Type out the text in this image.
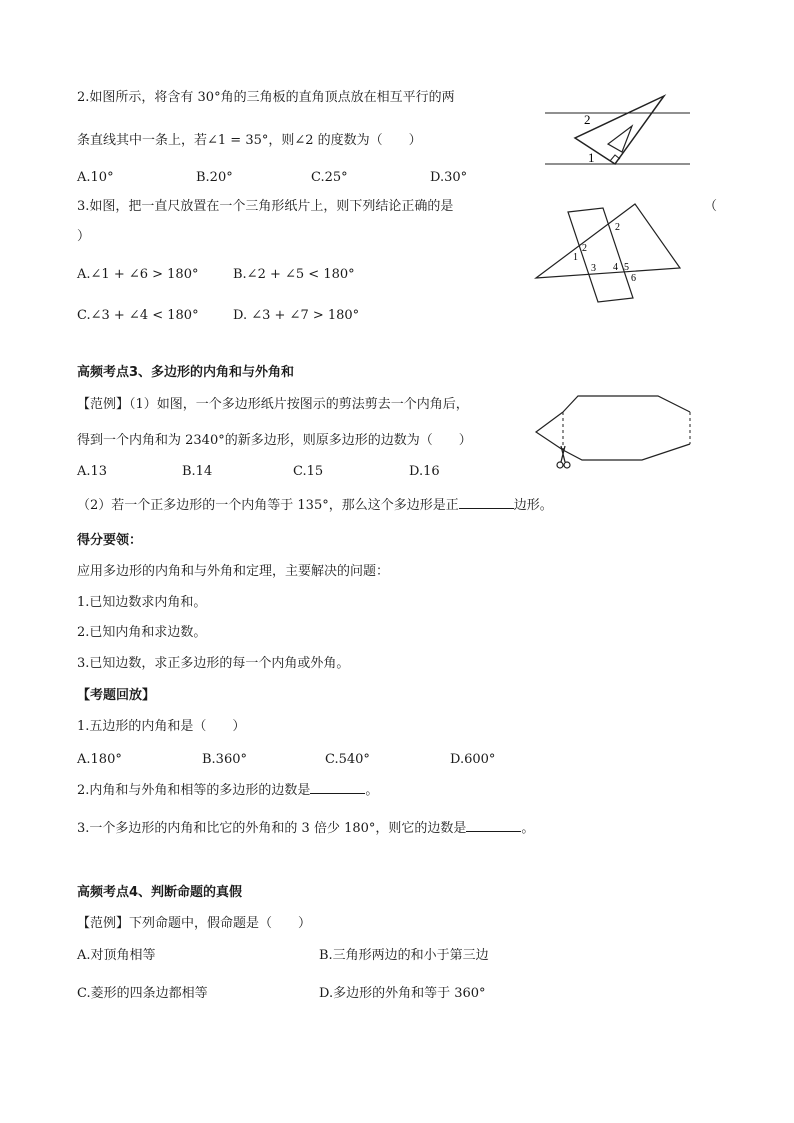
2.如图所示，将含有 30°角的三角板的直角顶点放在相互平行的两
条直线其中一条上，若∠1 = 35°，则∠2 的度数为（　　）
A.10°	B.20°	C.25°	D.30°
2
1
3.如图，把一直尺放置在一个三角形纸片上，则下列结论正确的是	（
）
A.∠1 + ∠6 > 180°	B.∠2 + ∠5 < 180°
C.∠3 + ∠4 < 180°	D. ∠3 + ∠7 > 180°
2
2
1
3 4 5
6
高频考点3、多边形的内角和与外角和
【范例】（1）如图，一个多边形纸片按图示的剪法剪去一个内角后，
得到一个内角和为 2340°的新多边形，则原多边形的边数为（　　）
A.13	B.14	C.15	D.16
（2）若一个正多边形的一个内角等于 135°，那么这个多边形是正	边形。
得分要领：
应用多边形的内角和与外角和定理，主要解决的问题：
1.已知边数求内角和。
2.已知内角和求边数。
3.已知边数，求正多边形的每一个内角或外角。
【考题回放】
1.五边形的内角和是（　　）
A.180°	B.360°	C.540°	D.600°
2.内角和与外角和相等的多边形的边数是	。
3.一个多边形的内角和比它的外角和的 3 倍少 180°，则它的边数是	。
高频考点4、判断命题的真假
【范例】下列命题中，假命题是（　　）
A.对顶角相等	B.三角形两边的和小于第三边
C.菱形的四条边都相等	D.多边形的外角和等于 360°
